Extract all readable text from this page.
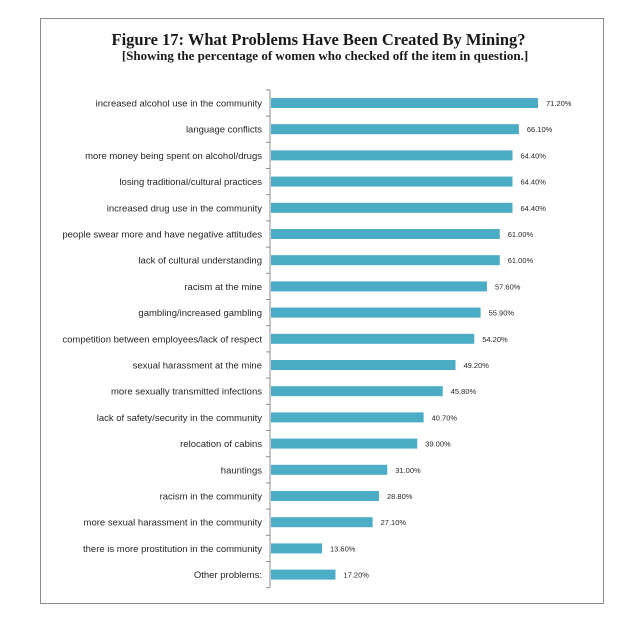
Figure 17: What Problems Have Been Created By Mining?

[Showing the percentage of women who checked off the item in question.]

increased alcohol use in the community	71.20%
language conflicts	66.10%
more money being spent on alcohol/drugs	64.40%
losing traditional/cultural practices	64.40%
increased drug use in the community	64.40%
people swear more and have negative attitudes	61.00%
lack of cultural understanding	61.00%
racism at the mine	57.60%
gambling/increased gambling	55.90%
competition between employees/lack of respect	54.20%
sexual harassment at the mine	49.20%
more sexually transmitted infections	45.80%
lack of safety/security in the community	40.70%
relocation of cabins	39.00%
hauntings	31.00%
racism in the community	28.80%
more sexual harassment in the community	27.10%
there is more prostitution in the community	13.60%
Other problems:	17.20%
